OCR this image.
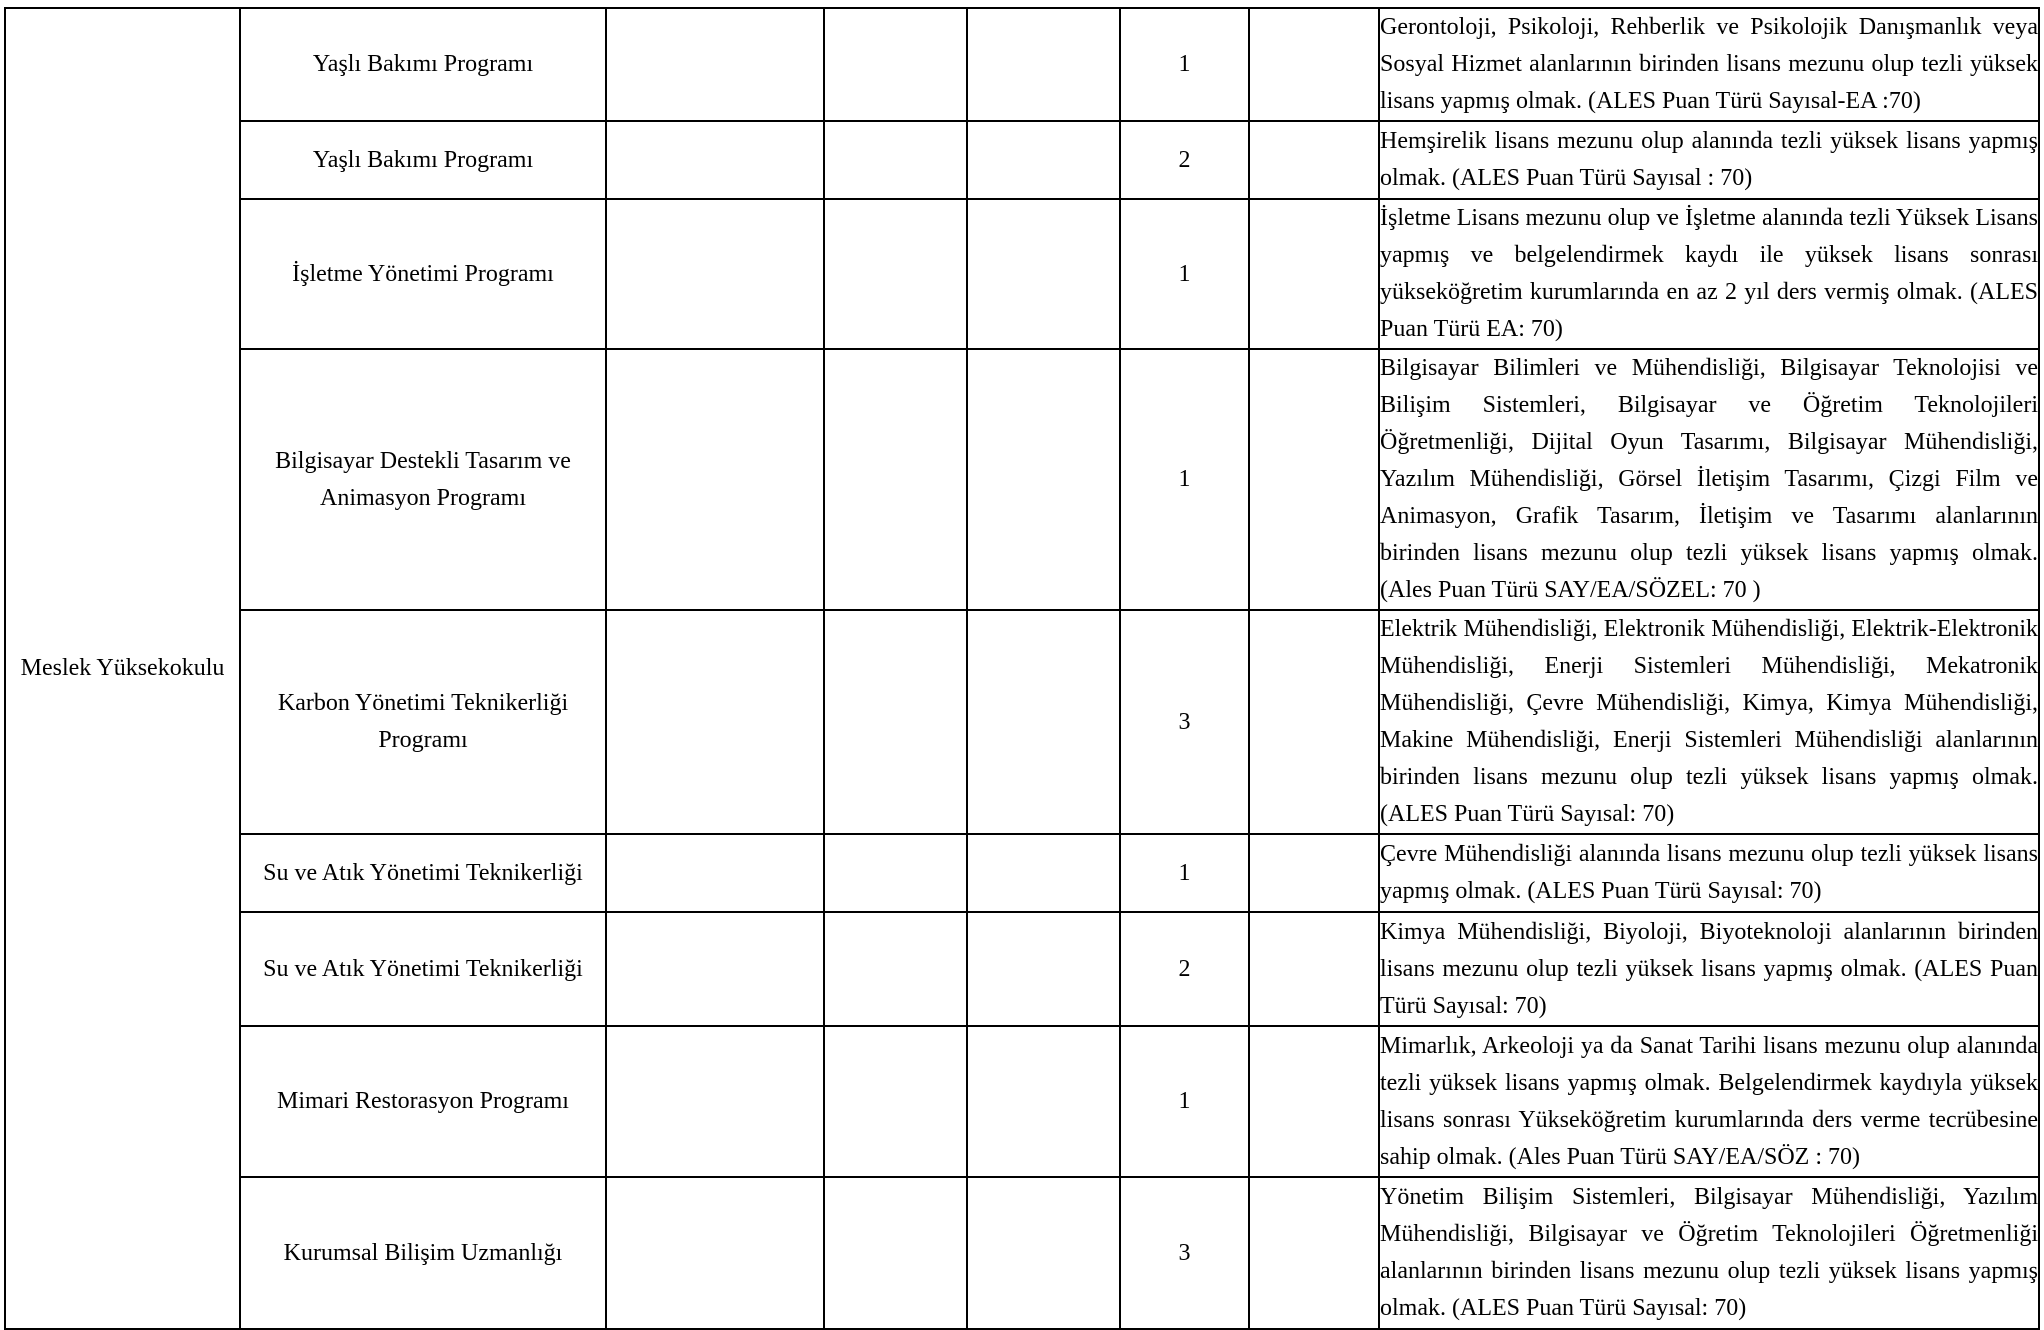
Meslek Yüksekokulu	Yaşlı Bakımı Programı				1		Gerontoloji, Psikoloji, Rehberlik ve Psikolojik Danışmanlık veya Sosyal Hizmet alanlarının birinden lisans mezunu olup tezli yüksek lisans yapmış olmak. (ALES Puan Türü Sayısal-EA :70)
	Yaşlı Bakımı Programı				2		Hemşirelik lisans mezunu olup alanında tezli yüksek lisans yapmış olmak. (ALES Puan Türü Sayısal : 70)
	İşletme Yönetimi Programı				1		İşletme Lisans mezunu olup ve İşletme alanında tezli Yüksek Lisans yapmış ve belgelendirmek kaydı ile yüksek lisans sonrası yükseköğretim kurumlarında en az 2 yıl ders vermiş olmak. (ALES Puan Türü EA: 70)
	Bilgisayar Destekli Tasarım ve Animasyon Programı				1		Bilgisayar Bilimleri ve Mühendisliği, Bilgisayar Teknolojisi ve Bilişim Sistemleri, Bilgisayar ve Öğretim Teknolojileri Öğretmenliği, Dijital Oyun Tasarımı, Bilgisayar Mühendisliği, Yazılım Mühendisliği, Görsel İletişim Tasarımı, Çizgi Film ve Animasyon, Grafik Tasarım, İletişim ve Tasarımı alanlarının birinden lisans mezunu olup tezli yüksek lisans yapmış olmak. (Ales Puan Türü SAY/EA/SÖZEL: 70 )
	Karbon Yönetimi Teknikerliği Programı				3		Elektrik Mühendisliği, Elektronik Mühendisliği, Elektrik-Elektronik Mühendisliği, Enerji Sistemleri Mühendisliği, Mekatronik Mühendisliği, Çevre Mühendisliği, Kimya, Kimya Mühendisliği, Makine Mühendisliği, Enerji Sistemleri Mühendisliği alanlarının birinden lisans mezunu olup tezli yüksek lisans yapmış olmak. (ALES Puan Türü Sayısal: 70)
	Su ve Atık Yönetimi Teknikerliği				1		Çevre Mühendisliği alanında lisans mezunu olup tezli yüksek lisans yapmış olmak. (ALES Puan Türü Sayısal: 70)
	Su ve Atık Yönetimi Teknikerliği				2		Kimya Mühendisliği, Biyoloji, Biyoteknoloji alanlarının birinden lisans mezunu olup tezli yüksek lisans yapmış olmak. (ALES Puan Türü Sayısal: 70)
	Mimari Restorasyon Programı				1		Mimarlık, Arkeoloji ya da Sanat Tarihi lisans mezunu olup alanında tezli yüksek lisans yapmış olmak. Belgelendirmek kaydıyla yüksek lisans sonrası Yükseköğretim kurumlarında ders verme tecrübesine sahip olmak. (Ales Puan Türü SAY/EA/SÖZ : 70)
	Kurumsal Bilişim Uzmanlığı				3		Yönetim Bilişim Sistemleri, Bilgisayar Mühendisliği, Yazılım Mühendisliği, Bilgisayar ve Öğretim Teknolojileri Öğretmenliği alanlarının birinden lisans mezunu olup tezli yüksek lisans yapmış olmak. (ALES Puan Türü Sayısal: 70)
